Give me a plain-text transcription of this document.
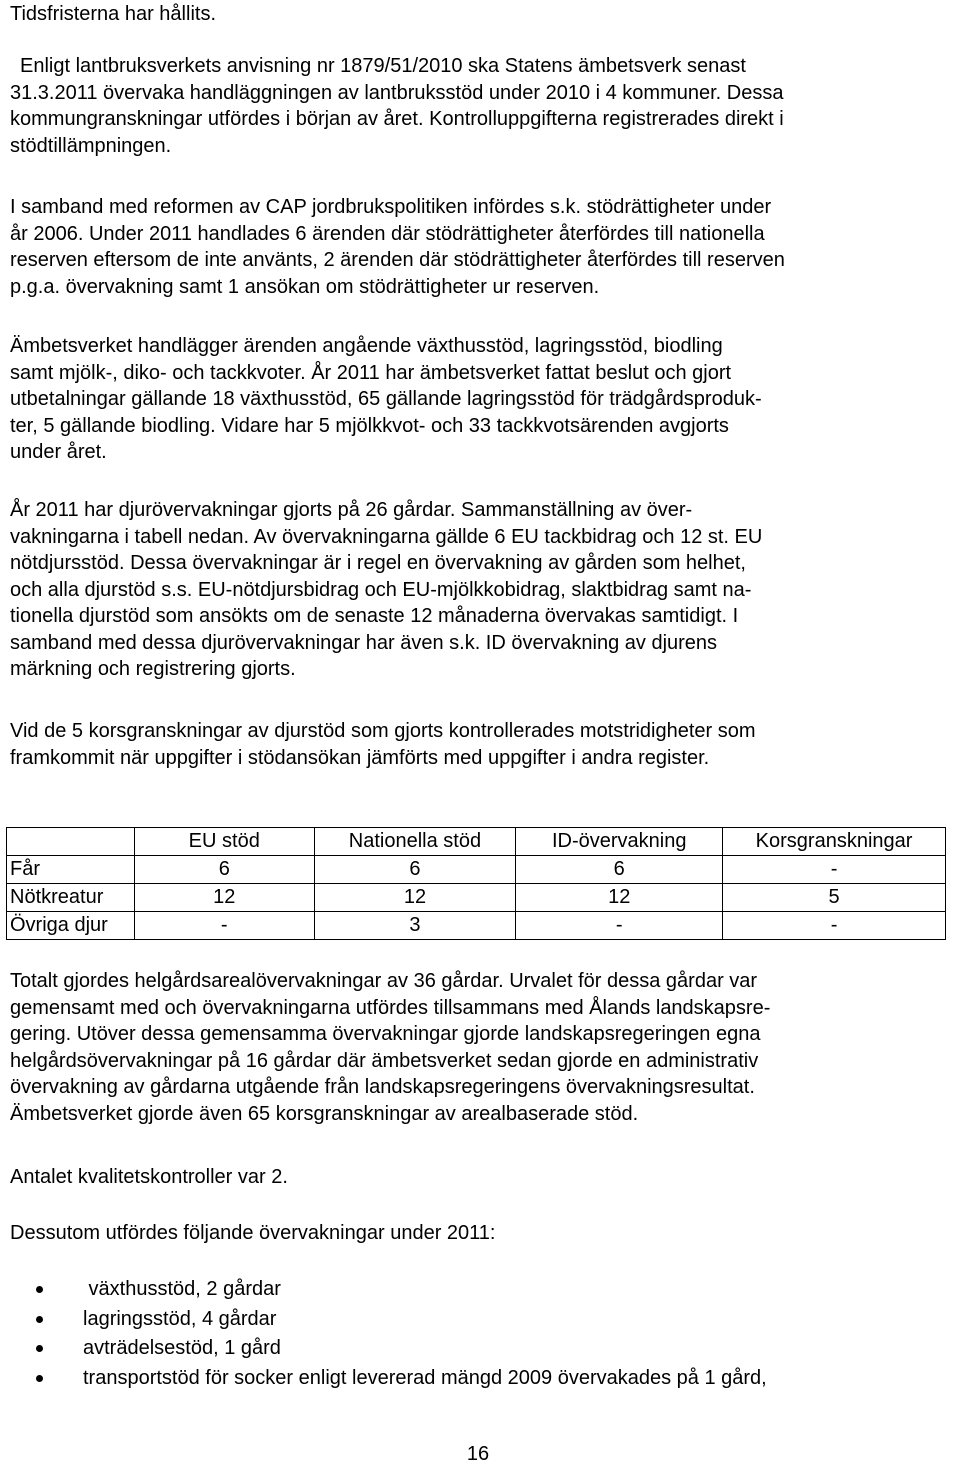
Tidsfristerna har hållits.

Enligt lantbruksverkets anvisning nr 1879/51/2010 ska Statens ämbetsverk senast
31.3.2011 övervaka handläggningen av lantbruksstöd under 2010 i 4 kommuner. Dessa
kommungranskningar utfördes i början av året. Kontrolluppgifterna registrerades direkt i
stödtillämpningen.

I samband med reformen av CAP jordbrukspolitiken infördes s.k. stödrättigheter under
år 2006. Under 2011 handlades 6 ärenden där stödrättigheter återfördes till nationella
reserven eftersom de inte använts, 2 ärenden där stödrättigheter återfördes till reserven
p.g.a. övervakning samt 1 ansökan om stödrättigheter ur reserven.

Ämbetsverket handlägger ärenden angående växthusstöd, lagringsstöd, biodling
samt mjölk-, diko- och tackkvoter. År 2011 har ämbetsverket fattat beslut och gjort
utbetalningar gällande 18 växthusstöd, 65 gällande lagringsstöd för trädgårdsproduk-
ter, 5 gällande biodling. Vidare har 5 mjölkkvot- och 33 tackkvotsärenden avgjorts
under året.

År 2011 har djurövervakningar gjorts på 26 gårdar. Sammanställning av över-
vakningarna i tabell nedan. Av övervakningarna gällde 6 EU tackbidrag och 12 st. EU
nötdjursstöd. Dessa övervakningar är i regel en övervakning av gården som helhet,
och alla djurstöd s.s. EU-nötdjursbidrag och EU-mjölkkobidrag, slaktbidrag samt na-
tionella djurstöd som ansökts om de senaste 12 månaderna övervakas samtidigt. I
samband med dessa djurövervakningar har även s.k. ID övervakning av djurens
märkning och registrering gjorts.

Vid de 5 korsgranskningar av djurstöd som gjorts kontrollerades motstridigheter som
framkommit när uppgifter i stödansökan jämförts med uppgifter i andra register.

	EU stöd	Nationella stöd	ID-övervakning	Korsgranskningar
Får	6	6	6	-
Nötkreatur	12	12	12	5
Övriga djur	-	3	-	-

Totalt gjordes helgårdsarealövervakningar av 36 gårdar. Urvalet för dessa gårdar var
gemensamt med och övervakningarna utfördes tillsammans med Ålands landskapsre-
gering. Utöver dessa gemensamma övervakningar gjorde landskapsregeringen egna
helgårdsövervakningar på 16 gårdar där ämbetsverket sedan gjorde en administrativ
övervakning av gårdarna utgående från landskapsregeringens övervakningsresultat.
Ämbetsverket gjorde även 65 korsgranskningar av arealbaserade stöd.

Antalet kvalitetskontroller var 2.

Dessutom utfördes följande övervakningar under 2011:

växthusstöd, 2 gårdar
lagringsstöd, 4 gårdar
avträdelsestöd, 1 gård
transportstöd för socker enligt levererad mängd 2009 övervakades på 1 gård,
16
